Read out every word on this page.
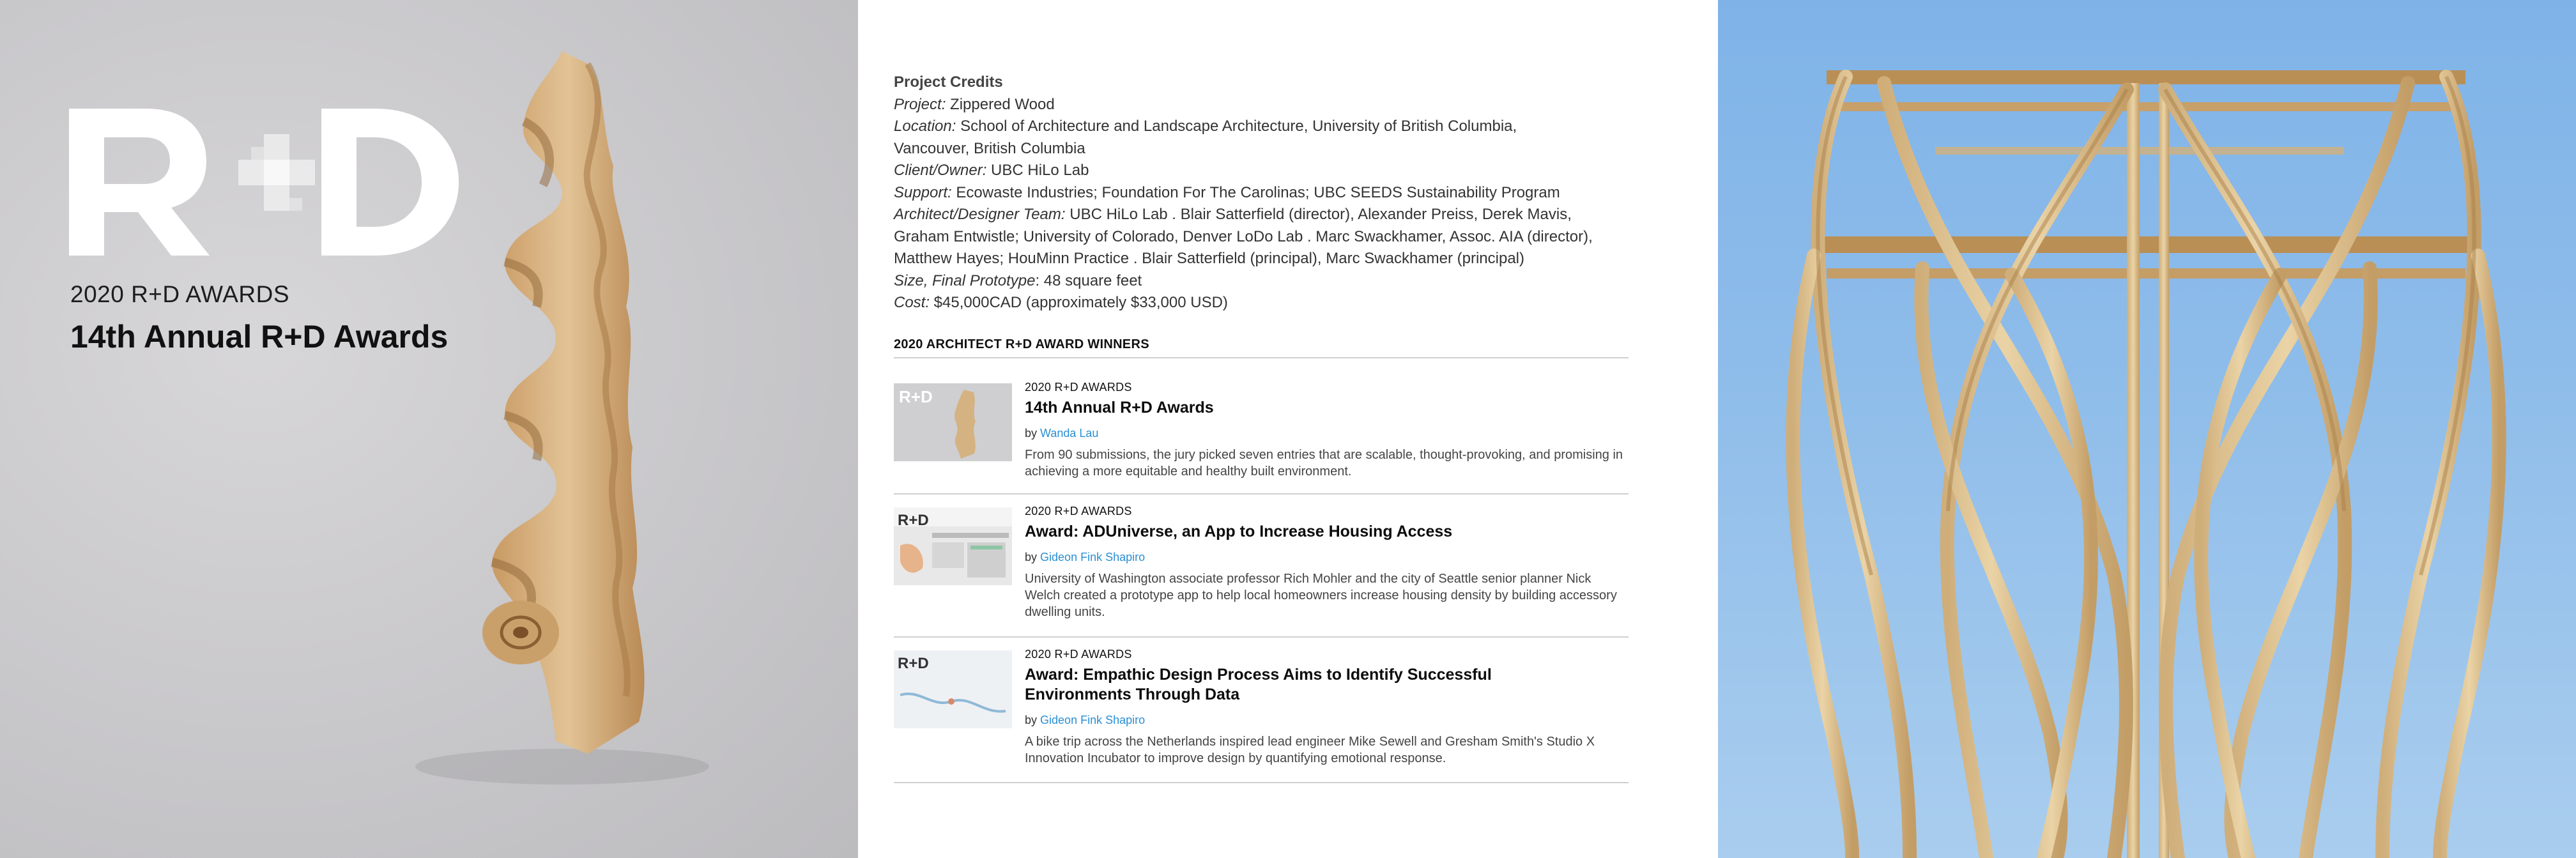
2020 R+D AWARDS
14th Annual R+D Awards
Project Credits
Project: Zippered Wood
Location: School of Architecture and Landscape Architecture, University of British Columbia, Vancouver, British Columbia
Client/Owner: UBC HiLo Lab
Support: Ecowaste Industries; Foundation For The Carolinas; UBC SEEDS Sustainability Program
Architect/Designer Team: UBC HiLo Lab . Blair Satterfield (director), Alexander Preiss, Derek Mavis, Graham Entwistle; University of Colorado, Denver LoDo Lab . Marc Swackhamer, Assoc. AIA (director), Matthew Hayes; HouMinn Practice . Blair Satterfield (principal), Marc Swackhamer (principal)
Size, Final Prototype: 48 square feet
Cost: $45,000CAD (approximately $33,000 USD)
2020 ARCHITECT R+D AWARD WINNERS
R+D	2020 R+D AWARDS
14th Annual R+D Awards
by Wanda Lau
From 90 submissions, the jury picked seven entries that are scalable, thought-provoking, and promising in achieving a more equitable and healthy built environment.
R+D
2020 R+D AWARDS
Award: ADUniverse, an App to Increase Housing Access
by Gideon Fink Shapiro
University of Washington associate professor Rich Mohler and the city of Seattle senior planner Nick Welch created a prototype app to help local homeowners increase housing density by building accessory dwelling units.
R+D
2020 R+D AWARDS
Award: Empathic Design Process Aims to Identify Successful Environments Through Data
by Gideon Fink Shapiro
A bike trip across the Netherlands inspired lead engineer Mike Sewell and Gresham Smith's Studio X Innovation Incubator to improve design by quantifying emotional response.
